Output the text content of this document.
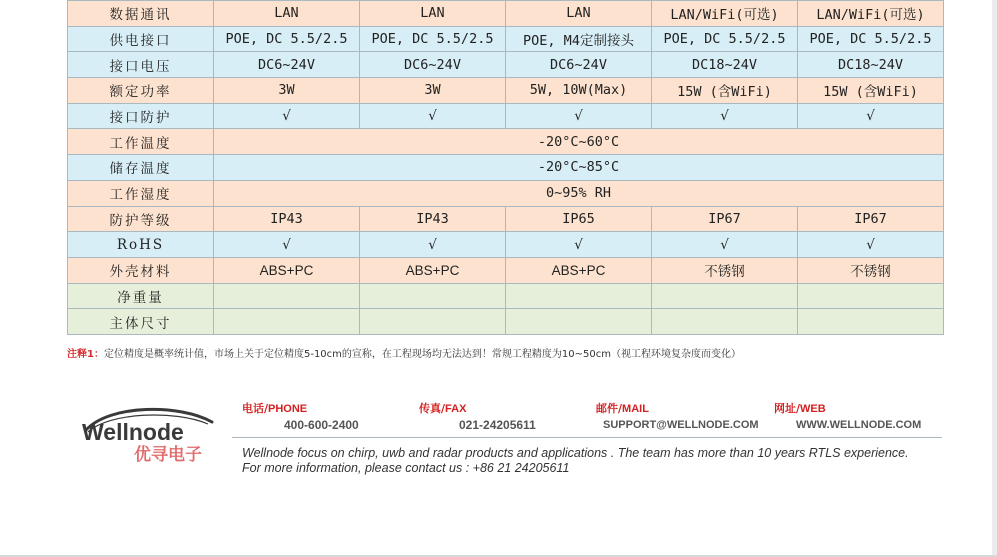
数据通讯	LAN	LAN	LAN	LAN/WiFi(可选)	LAN/WiFi(可选)
供电接口	POE, DC 5.5/2.5	POE, DC 5.5/2.5	POE, M4定制接头	POE, DC 5.5/2.5	POE, DC 5.5/2.5
接口电压	DC6~24V	DC6~24V	DC6~24V	DC18~24V	DC18~24V
额定功率	3W	3W	5W, 10W(Max)	15W (含WiFi)	15W (含WiFi)
接口防护	√	√	√	√	√
工作温度	-20°C~60°C				
储存温度	-20°C~85°C				
工作湿度	0~95% RH				
防护等级	IP43	IP43	IP65	IP67	IP67
RoHS	√	√	√	√	√
外壳材料	ABS+PC	ABS+PC	ABS+PC	不锈钢	不锈钢
净重量					
主体尺寸					
注释1：定位精度是概率统计值，市场上关于定位精度5-10cm的宣称，在工程现场均无法达到！常规工程精度为10~50cm（视工程环境复杂度而变化）
Wellnode
优寻电子
电话/PHONE	传真/FAX	邮件/MAIL	网址/WEB
400-600-2400	021-24205611	SUPPORT@WELLNODE.COM	WWW.WELLNODE.COM
Wellnode focus on chirp, uwb and radar products and applications . The team has more than 10 years RTLS experience.
For more information, please contact us : +86 21 24205611
